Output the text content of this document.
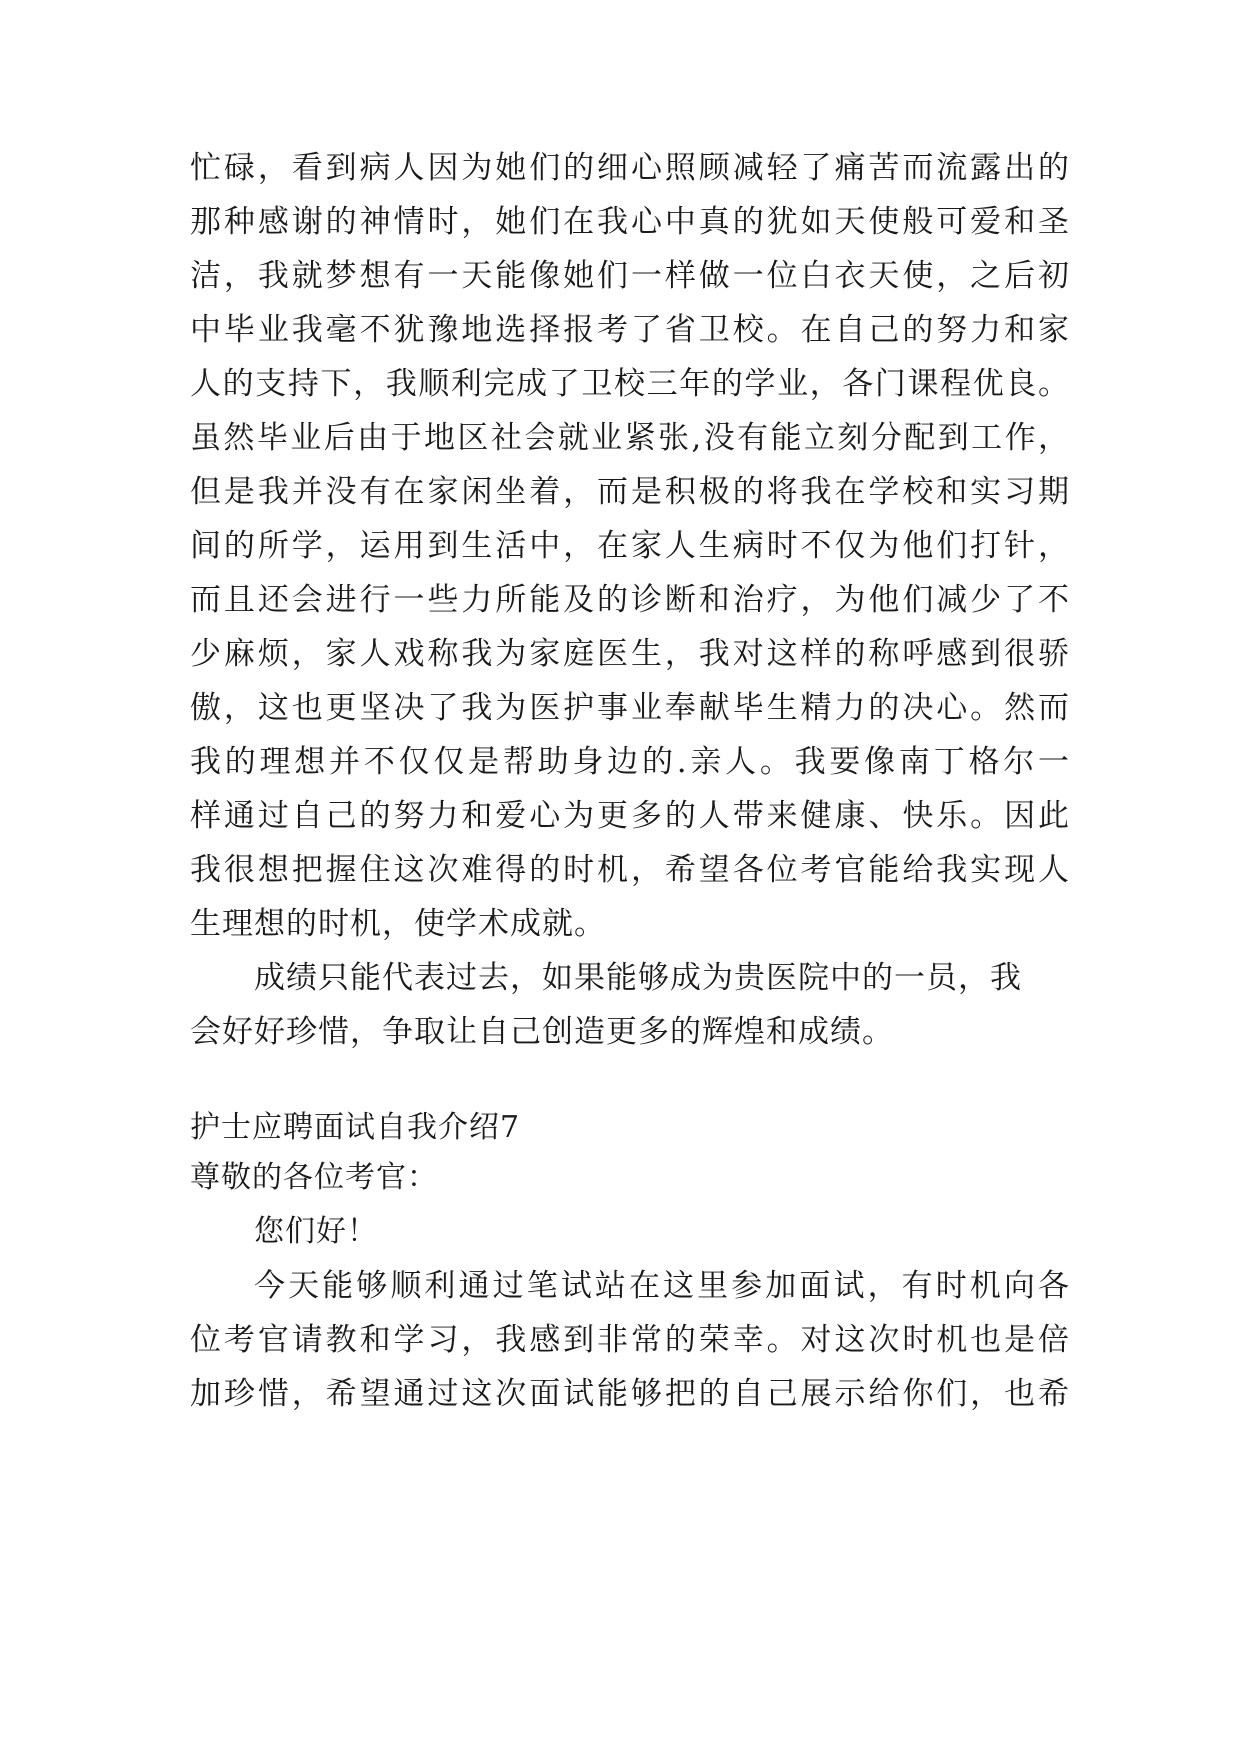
忙碌，看到病人因为她们的细心照顾减轻了痛苦而流露出的
那种感谢的神情时，她们在我心中真的犹如天使般可爱和圣
洁，我就梦想有一天能像她们一样做一位白衣天使，之后初
中毕业我毫不犹豫地选择报考了省卫校。在自己的努力和家
人的支持下，我顺利完成了卫校三年的学业，各门课程优良。
虽然毕业后由于地区社会就业紧张,没有能立刻分配到工作，
但是我并没有在家闲坐着，而是积极的将我在学校和实习期
间的所学，运用到生活中，在家人生病时不仅为他们打针，
而且还会进行一些力所能及的诊断和治疗，为他们减少了不
少麻烦，家人戏称我为家庭医生，我对这样的称呼感到很骄
傲，这也更坚决了我为医护事业奉献毕生精力的决心。然而
我的理想并不仅仅是帮助身边的.亲人。我要像南丁格尔一
样通过自己的努力和爱心为更多的人带来健康、快乐。因此
我很想把握住这次难得的时机，希望各位考官能给我实现人
生理想的时机，使学术成就。
成绩只能代表过去，如果能够成为贵医院中的一员，我
会好好珍惜，争取让自己创造更多的辉煌和成绩。
护士应聘面试自我介绍7
尊敬的各位考官：
您们好！
今天能够顺利通过笔试站在这里参加面试，有时机向各
位考官请教和学习，我感到非常的荣幸。对这次时机也是倍
加珍惜，希望通过这次面试能够把的自己展示给你们，也希
